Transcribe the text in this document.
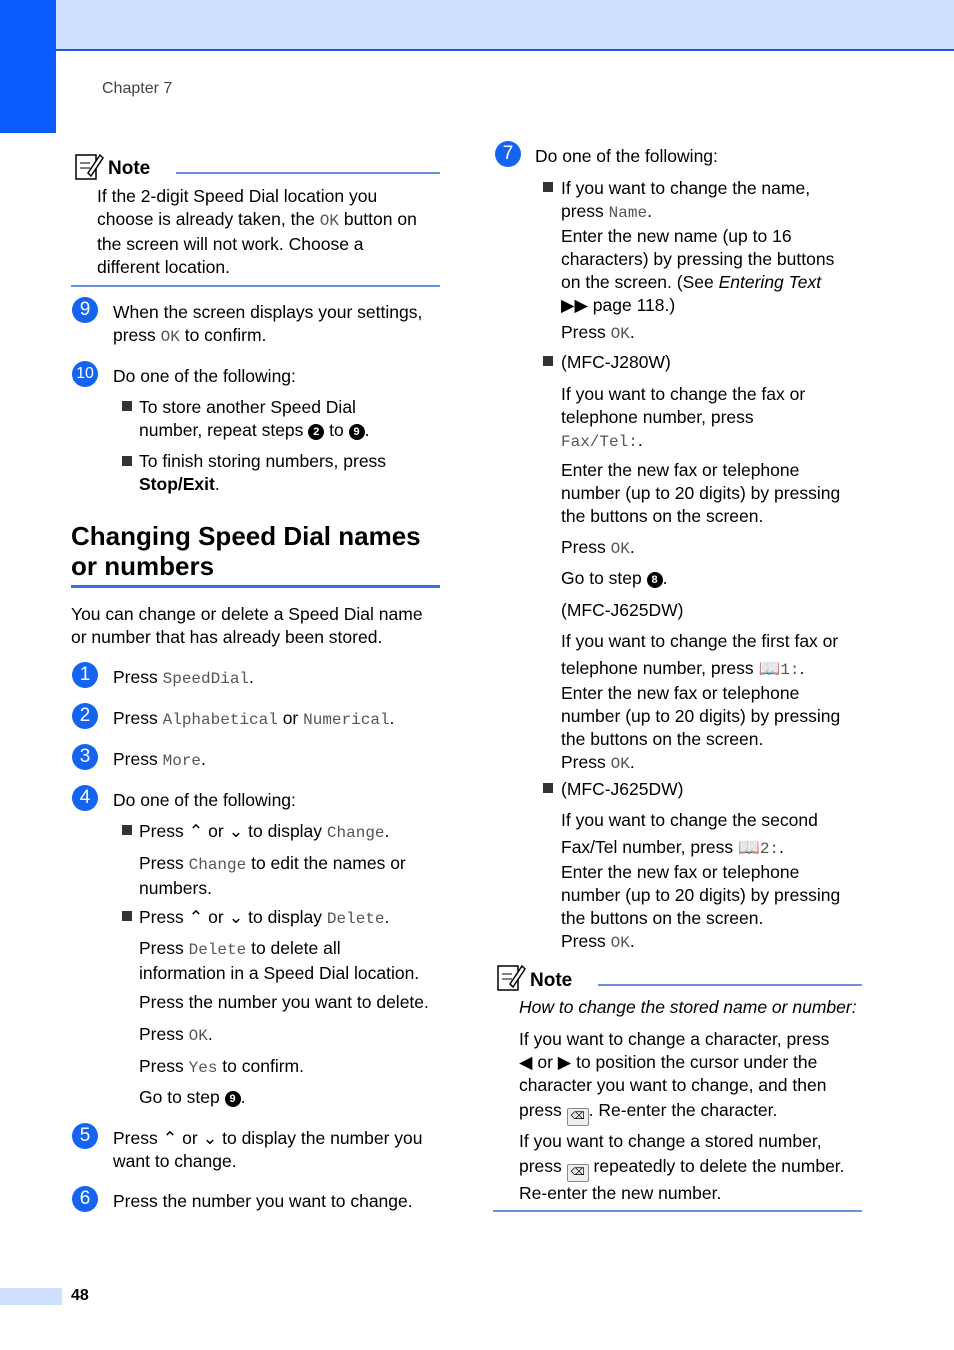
Chapter 7
Note
If the 2-digit Speed Dial location you
choose is already taken, the OK button on
the screen will not work. Choose a
different location.
9	When the screen displays your settings,
press OK to confirm.
10 Do one of the following:
To store another Speed Dial
number, repeat steps 2 to 9 .
To finish storing numbers, press
Stop/Exit.
Changing Speed Dial names
or numbers
You can change or delete a Speed Dial name
or number that has already been stored.
1	Press SpeedDial.
2	Press Alphabetical or Numerical.
3	Press More.
4	Do one of the following:
Press ⌃ or ⌄ to display Change.
Press Change to edit the names or
numbers.
Press ⌃ or ⌄ to display Delete.
Press Delete to delete all
information in a Speed Dial location.
Press the number you want to delete.
Press OK.
Press Yes to confirm.
Go to step 9 .
5	Press ⌃ or ⌄ to display the number you
want to change.
6	Press the number you want to change.
7	Do one of the following:
If you want to change the name,
press Name.
Enter the new name (up to 16
characters) by pressing the buttons
on the screen. (See Entering Text
▶▶ page 118.)
Press OK.
(MFC-J280W)
If you want to change the fax or
telephone number, press
Fax/Tel:.
Enter the new fax or telephone
number (up to 20 digits) by pressing
the buttons on the screen.
Press OK.
Go to step 8 .
(MFC-J625DW)
If you want to change the first fax or
telephone number, press 📖1:.
Enter the new fax or telephone
number (up to 20 digits) by pressing
the buttons on the screen.
Press OK.
(MFC-J625DW)
If you want to change the second
Fax/Tel number, press 📖2:.
Enter the new fax or telephone
number (up to 20 digits) by pressing
the buttons on the screen.
Press OK.
Note
How to change the stored name or number:
If you want to change a character, press
◀ or ▶ to position the cursor under the
character you want to change, and then
press ⌫ . Re-enter the character.
If you want to change a stored number,
press ⌫ repeatedly to delete the number.
Re-enter the new number.
48
